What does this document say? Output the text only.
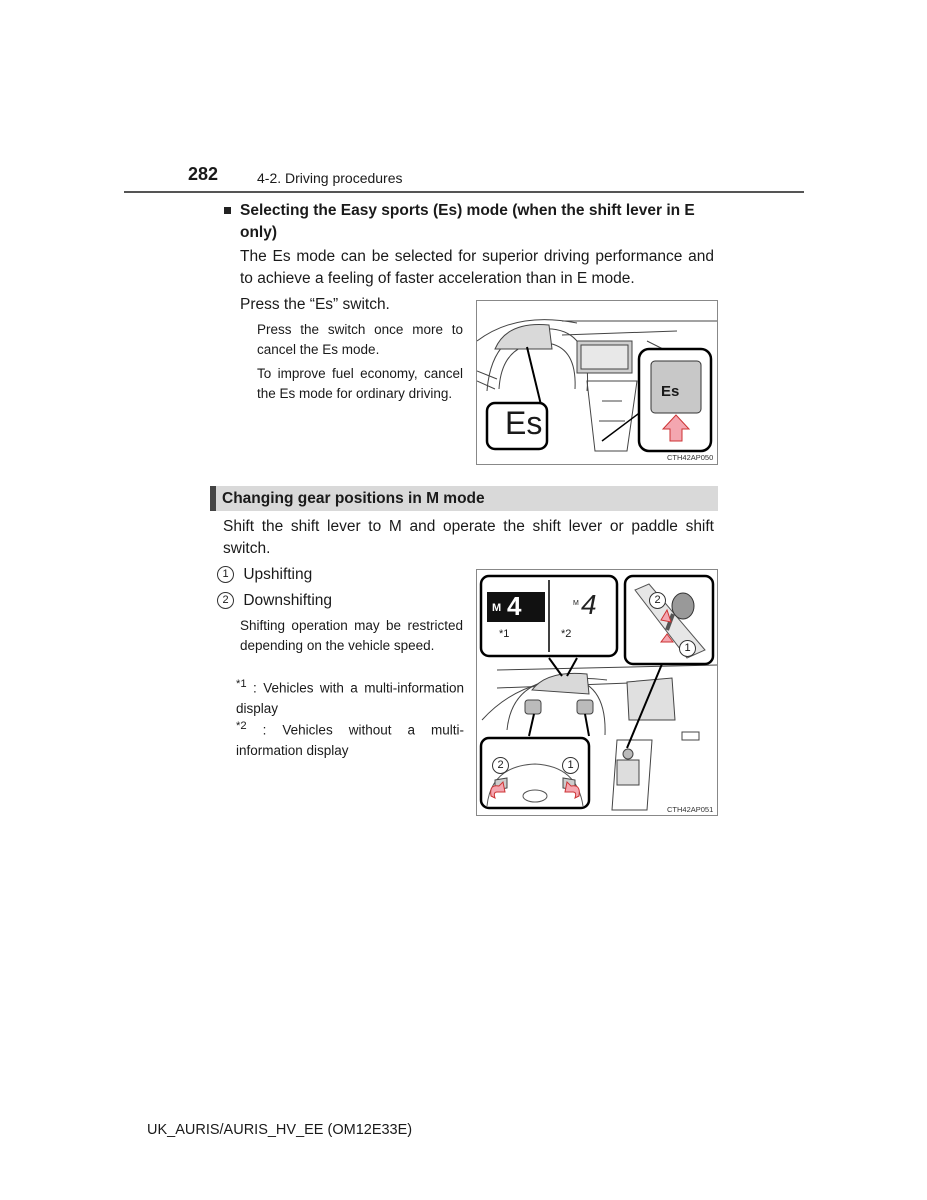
282	4-2. Driving procedures
Selecting the Easy sports (Es) mode (when the shift lever in E only)
The Es mode can be selected for superior driving performance and to achieve a feeling of faster acceleration than in E mode.
Press the “Es” switch.
Press the switch once more to cancel the Es mode.
To improve fuel economy, cancel the Es mode for ordinary driving.
Es
Es
CTH42AP050
Changing gear positions in M mode
Shift the shift lever to M and operate the shift lever or paddle shift switch.
1 Upshifting
2 Downshifting
Shifting operation may be restricted depending on the vehicle speed.
$^{*1}$ : Vehicles with a multi-information display
$^{*2}$ : Vehicles without a multi-information display
M 4	M 4
*1	*2
2
1
2	1
CTH42AP051
UK_AURIS/AURIS_HV_EE (OM12E33E)
